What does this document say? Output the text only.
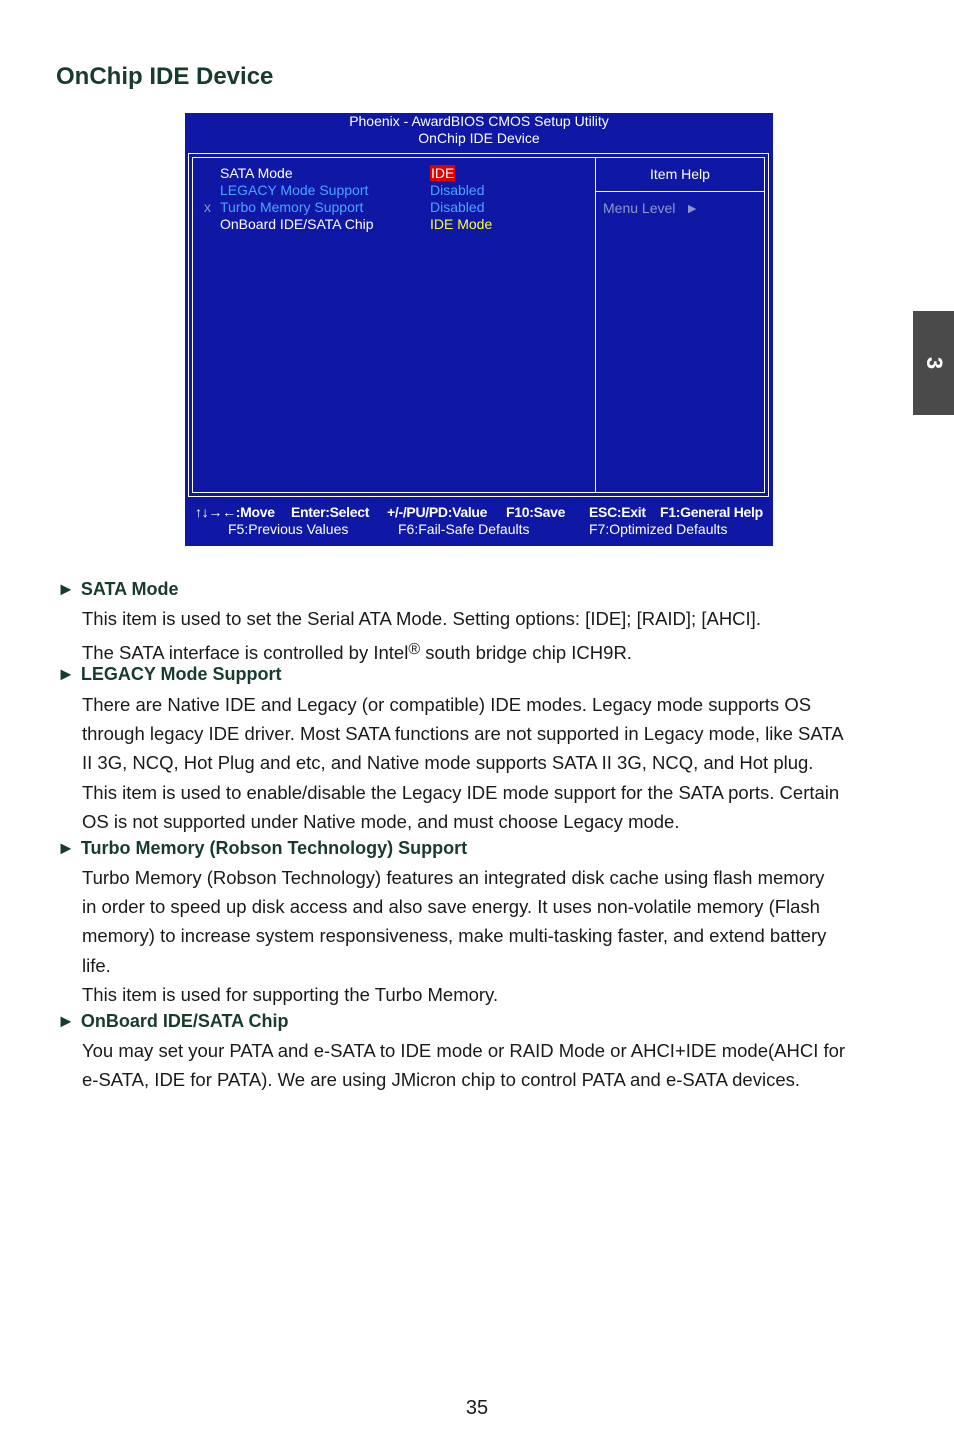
OnChip IDE Device
3
Phoenix - AwardBIOS CMOS Setup Utility
OnChip IDE Device
Item Help
Menu Level ►
SATA Mode	IDE
LEGACY Mode Support	Disabled
x Turbo Memory Support	Disabled
OnBoard IDE/SATA Chip	IDE Mode
↑↓→←:Move Enter:Select +/-/PU/PD:Value F10:Save ESC:Exit F1:General Help
F5:Previous Values	F6:Fail-Safe Defaults	F7:Optimized Defaults
► SATA Mode
This item is used to set the Serial ATA Mode. Setting options: [IDE]; [RAID]; [AHCI].
The SATA interface is controlled by Intel® south bridge chip ICH9R.
► LEGACY Mode Support
There are Native IDE and Legacy (or compatible) IDE modes. Legacy mode supports OS
through legacy IDE driver. Most SATA functions are not supported in Legacy mode, like SATA
II 3G, NCQ, Hot Plug and etc, and Native mode supports SATA II 3G, NCQ, and Hot plug.
This item is used to enable/disable the Legacy IDE mode support for the SATA ports. Certain
OS is not supported under Native mode, and must choose Legacy mode.
► Turbo Memory (Robson Technology) Support
Turbo Memory (Robson Technology) features an integrated disk cache using flash memory
in order to speed up disk access and also save energy. It uses non-volatile memory (Flash
memory) to increase system responsiveness, make multi-tasking faster, and extend battery
life.
This item is used for supporting the Turbo Memory.
► OnBoard IDE/SATA Chip
You may set your PATA and e-SATA to IDE mode or RAID Mode or AHCI+IDE mode(AHCI for
e-SATA, IDE for PATA). We are using JMicron chip to control PATA and e-SATA devices.
35
